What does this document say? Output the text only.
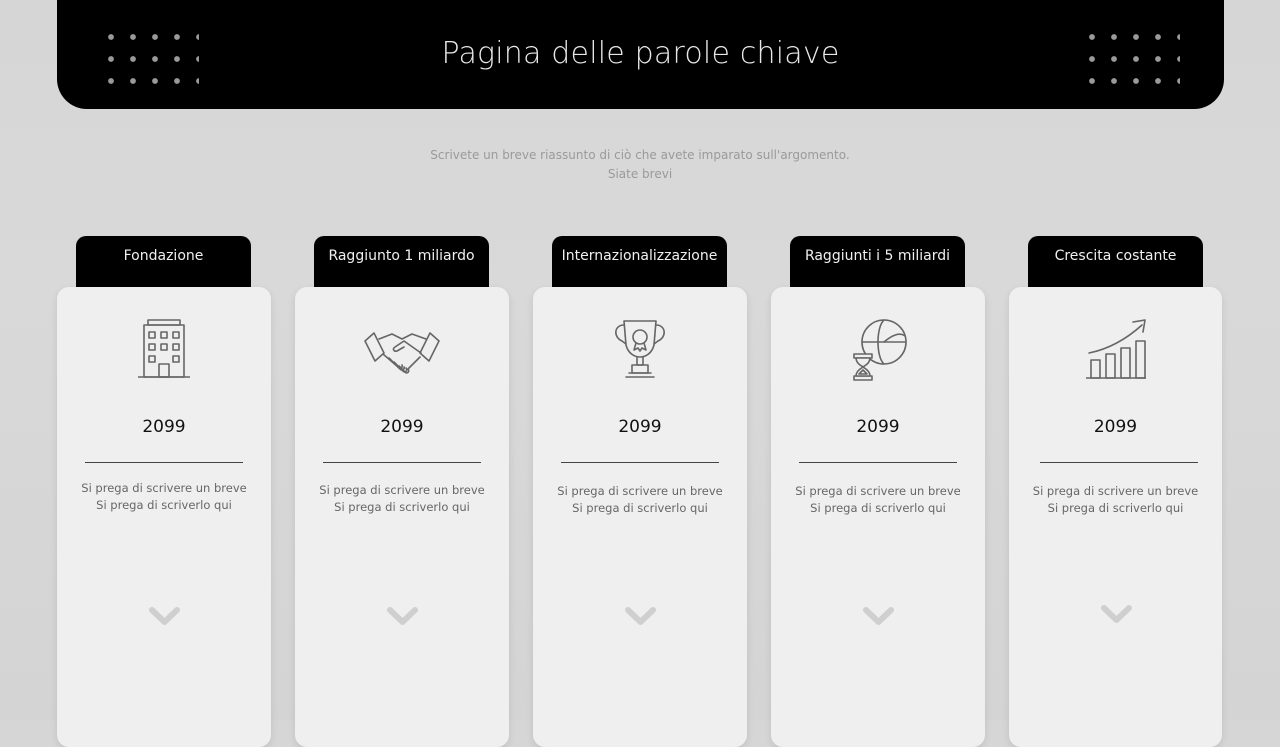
Pagina delle parole chiave
Scrivete un breve riassunto di ciò che avete imparato sull'argomento.
Siate brevi
Fondazione
2099
Si prega di scrivere un breve
Si prega di scriverlo qui
Raggiunto 1 miliardo
2099
Si prega di scrivere un breve
Si prega di scriverlo qui
Internazionalizzazione
2099
Si prega di scrivere un breve
Si prega di scriverlo qui
Raggiunti i 5 miliardi
2099
Si prega di scrivere un breve
Si prega di scriverlo qui
Crescita costante
2099
Si prega di scrivere un breve
Si prega di scriverlo qui
